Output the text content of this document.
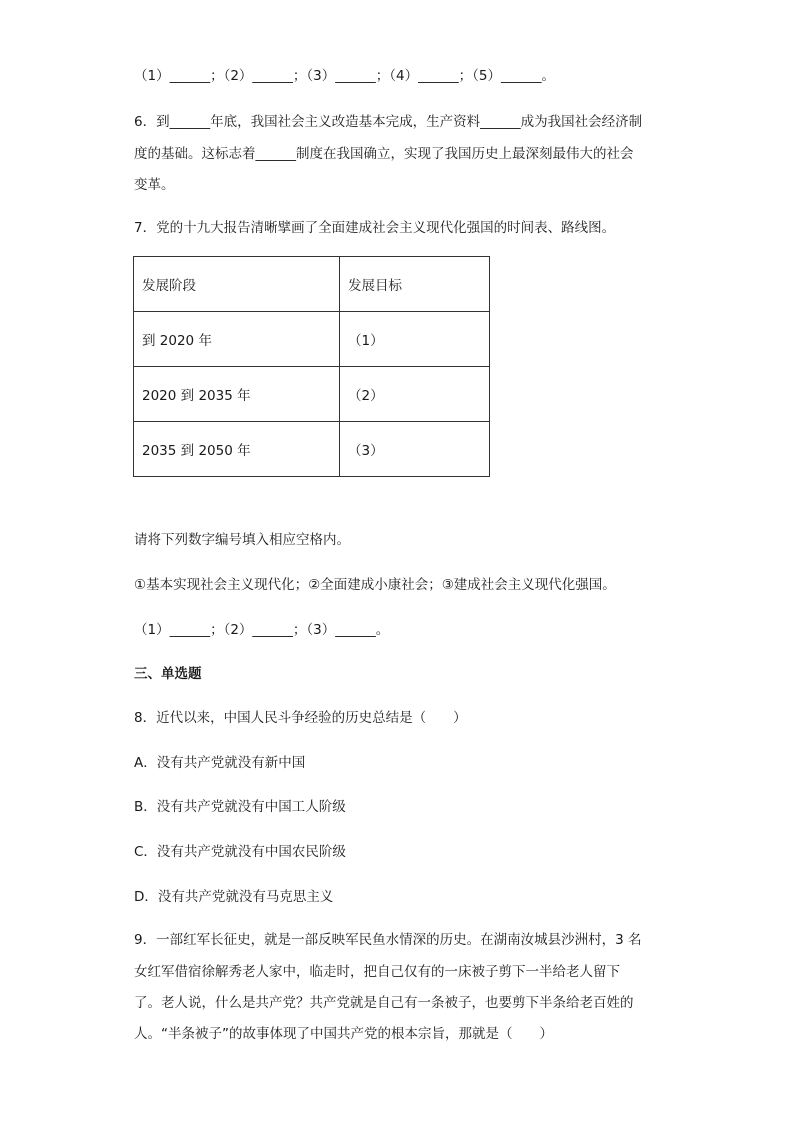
（1）______；（2）______；（3）______；（4）______；（5）______。
6．到______年底，我国社会主义改造基本完成，生产资料______成为我国社会经济制
度的基础。这标志着______制度在我国确立，实现了我国历史上最深刻最伟大的社会
变革。
7．党的十九大报告清晰擘画了全面建成社会主义现代化强国的时间表、路线图。
发展阶段	发展目标
到 2020 年	（1）
2020 到 2035 年	（2）
2035 到 2050 年	（3）
请将下列数字编号填入相应空格内。
①基本实现社会主义现代化；②全面建成小康社会；③建成社会主义现代化强国。
（1）______；（2）______；（3）______。
三、单选题
8．近代以来，中国人民斗争经验的历史总结是（　　）
A．没有共产党就没有新中国
B．没有共产党就没有中国工人阶级
C．没有共产党就没有中国农民阶级
D．没有共产党就没有马克思主义
9．一部红军长征史，就是一部反映军民鱼水情深的历史。在湖南汝城县沙洲村，3 名
女红军借宿徐解秀老人家中，临走时，把自己仅有的一床被子剪下一半给老人留下
了。老人说，什么是共产党？共产党就是自己有一条被子，也要剪下半条给老百姓的
人。“半条被子”的故事体现了中国共产党的根本宗旨，那就是（　　）
